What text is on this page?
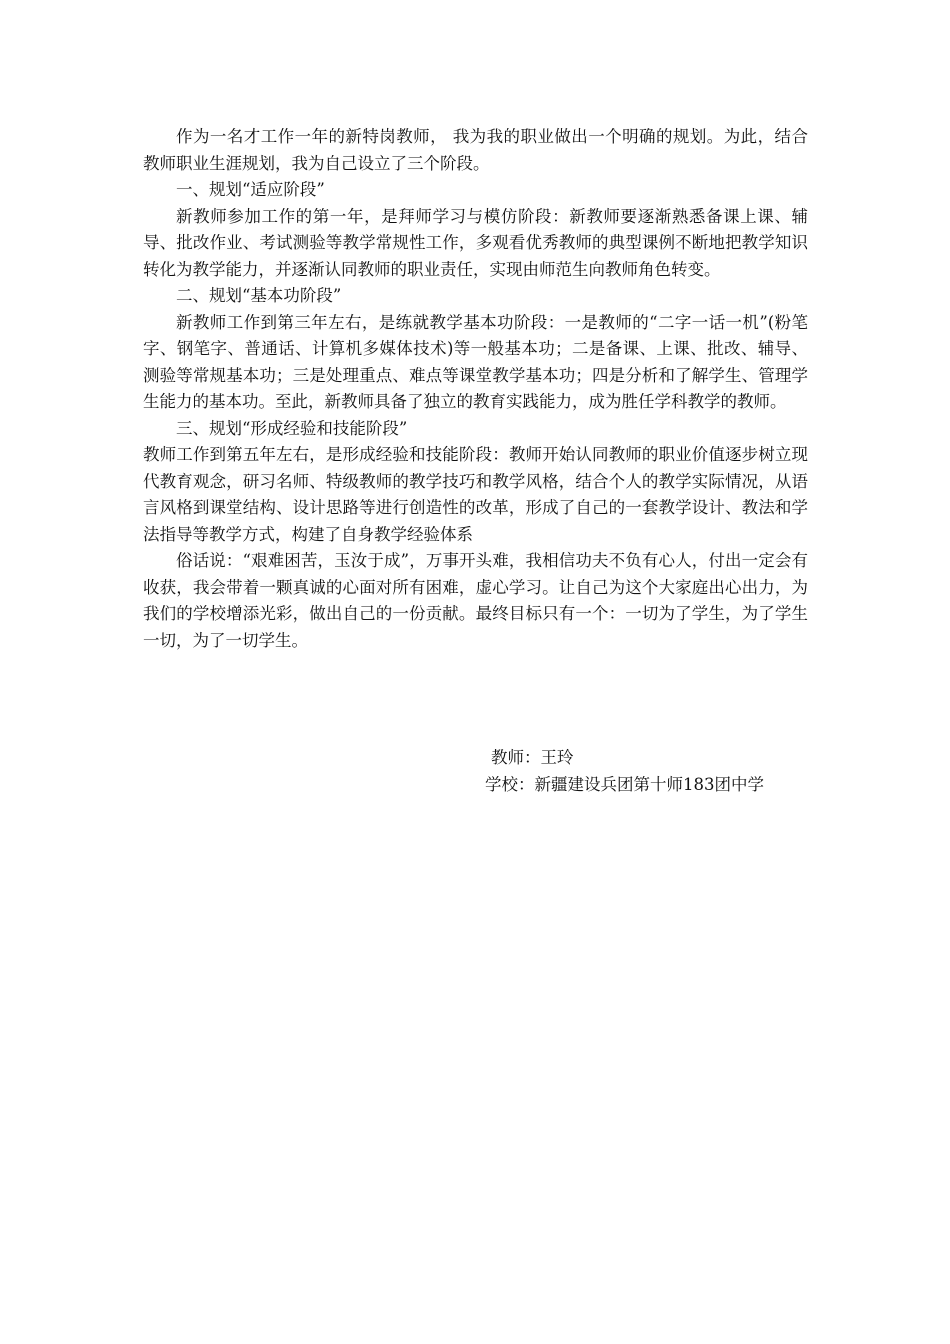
作为一名才工作一年的新特岗教师， 我为我的职业做出一个明确的规划。为此，结合教师职业生涯规划，我为自己设立了三个阶段。

一、规划“适应阶段”

新教师参加工作的第一年，是拜师学习与模仿阶段：新教师要逐渐熟悉备课上课、辅导、批改作业、考试测验等教学常规性工作，多观看优秀教师的典型课例不断地把教学知识转化为教学能力，并逐渐认同教师的职业责任，实现由师范生向教师角色转变。

二、规划“基本功阶段”

新教师工作到第三年左右，是练就教学基本功阶段：一是教师的“二字一话一机”(粉笔字、钢笔字、普通话、计算机多媒体技术)等一般基本功；二是备课、上课、批改、辅导、测验等常规基本功；三是处理重点、难点等课堂教学基本功；四是分析和了解学生、管理学生能力的基本功。至此，新教师具备了独立的教育实践能力，成为胜任学科教学的教师。

三、规划“形成经验和技能阶段”

教师工作到第五年左右，是形成经验和技能阶段：教师开始认同教师的职业价值逐步树立现代教育观念，研习名师、特级教师的教学技巧和教学风格，结合个人的教学实际情况，从语言风格到课堂结构、设计思路等进行创造性的改革，形成了自己的一套教学设计、教法和学法指导等教学方式，构建了自身教学经验体系

俗话说：“艰难困苦，玉汝于成”，万事开头难，我相信功夫不负有心人，付出一定会有收获，我会带着一颗真诚的心面对所有困难，虚心学习。让自己为这个大家庭出心出力，为我们的学校增添光彩，做出自己的一份贡献。最终目标只有一个：一切为了学生，为了学生一切，为了一切学生。

教师：王玲
学校：新疆建设兵团第十师183团中学
